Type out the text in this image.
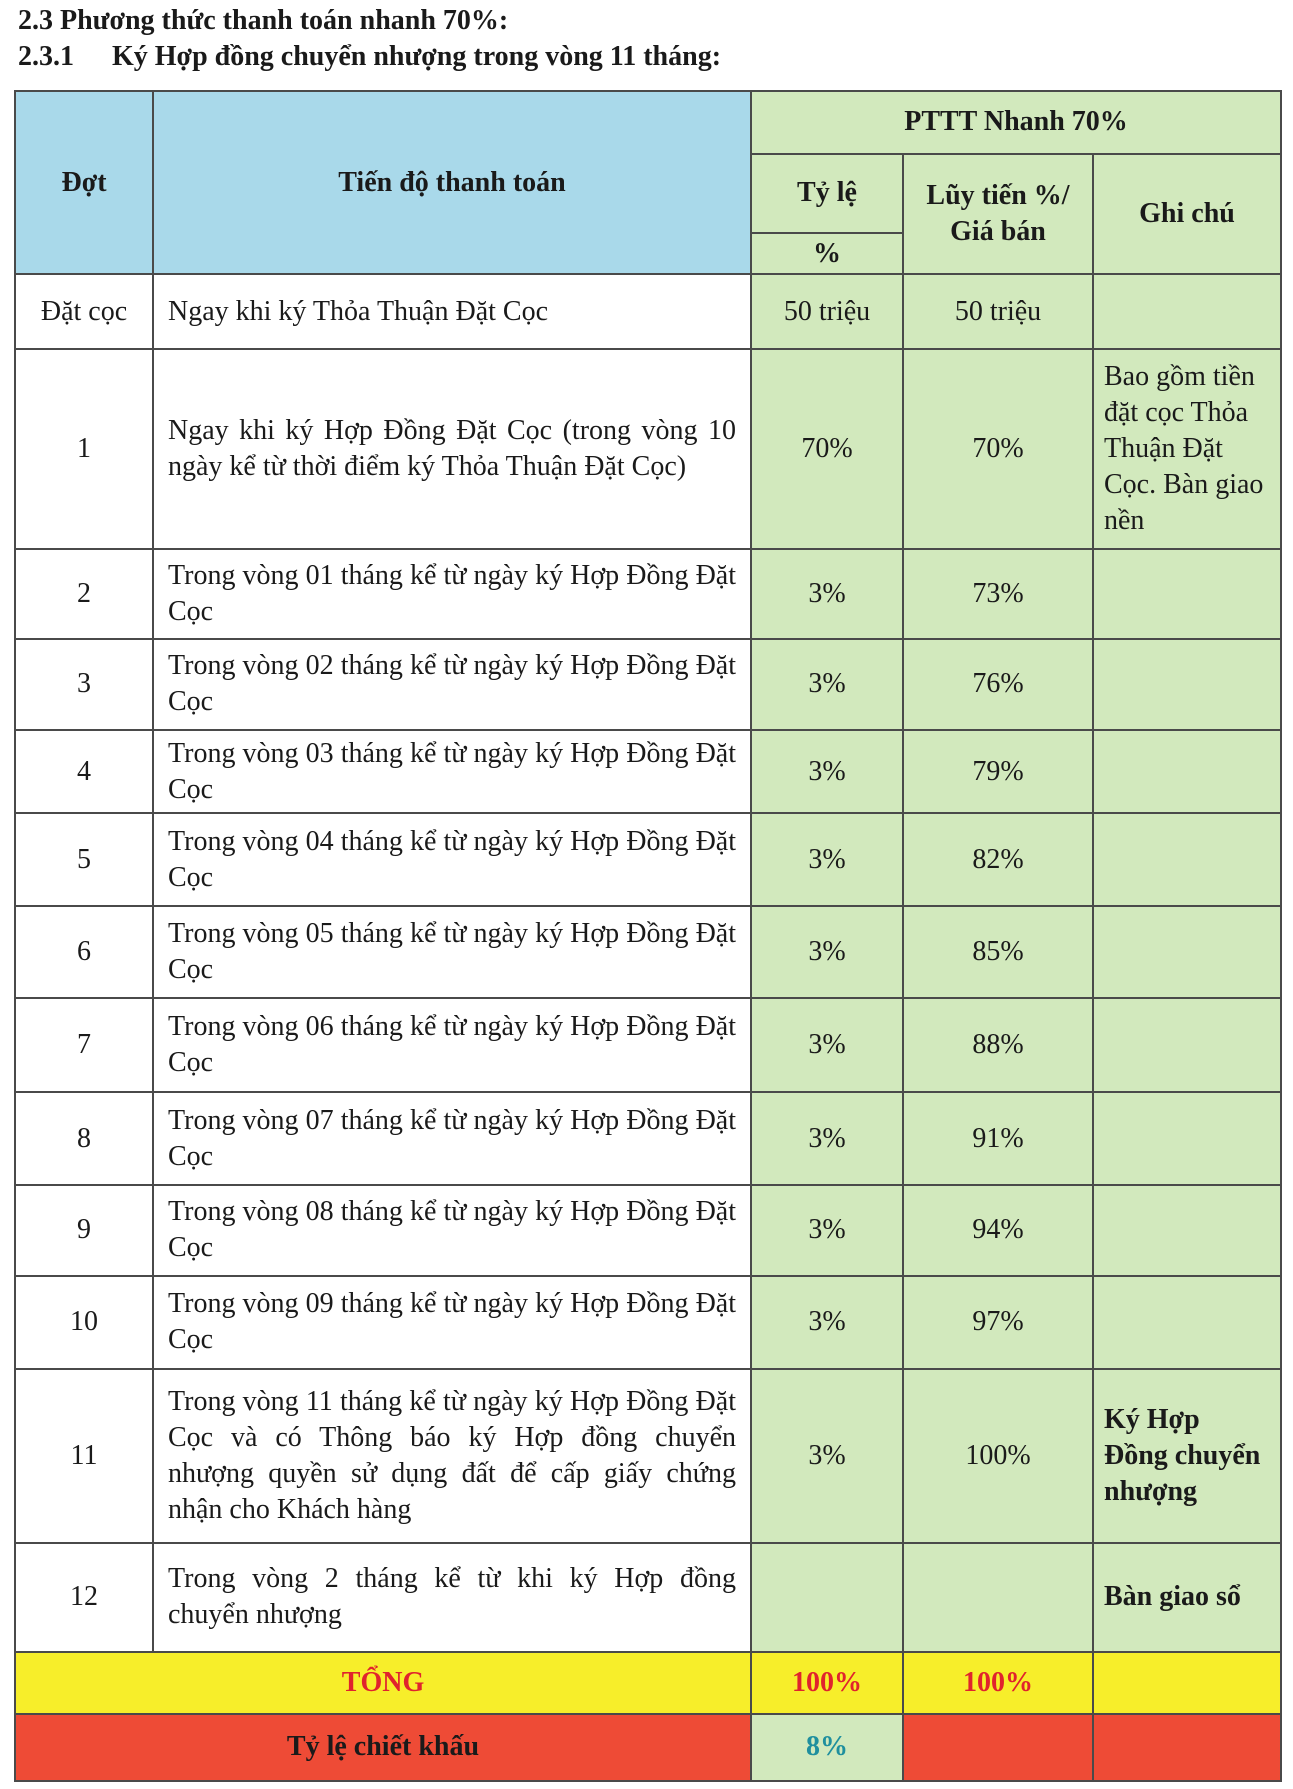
2.3 Phương thức thanh toán nhanh 70%:

2.3.1 Ký Hợp đồng chuyển nhượng trong vòng 11 tháng:

Đợt	Tiến độ thanh toán	PTTT Nhanh 70%		
		Tỷ lệ	Lũy tiến %/ Giá bán	Ghi chú
		%		
Đặt cọc	Ngay khi ký Thỏa Thuận Đặt Cọc	50 triệu	50 triệu	
1	Ngay khi ký Hợp Đồng Đặt Cọc (trong vòng 10 ngày kể từ thời điểm ký Thỏa Thuận Đặt Cọc)	70%	70%	Bao gồm tiền đặt cọc Thỏa Thuận Đặt Cọc. Bàn giao nền
2	Trong vòng 01 tháng kể từ ngày ký Hợp Đồng Đặt Cọc	3%	73%	
3	Trong vòng 02 tháng kể từ ngày ký Hợp Đồng Đặt Cọc	3%	76%	
4	Trong vòng 03 tháng kể từ ngày ký Hợp Đồng Đặt Cọc	3%	79%	
5	Trong vòng 04 tháng kể từ ngày ký Hợp Đồng Đặt Cọc	3%	82%	
6	Trong vòng 05 tháng kể từ ngày ký Hợp Đồng Đặt Cọc	3%	85%	
7	Trong vòng 06 tháng kể từ ngày ký Hợp Đồng Đặt Cọc	3%	88%	
8	Trong vòng 07 tháng kể từ ngày ký Hợp Đồng Đặt Cọc	3%	91%	
9	Trong vòng 08 tháng kể từ ngày ký Hợp Đồng Đặt Cọc	3%	94%	
10	Trong vòng 09 tháng kể từ ngày ký Hợp Đồng Đặt Cọc	3%	97%	
11	Trong vòng 11 tháng kể từ ngày ký Hợp Đồng Đặt Cọc và có Thông báo ký Hợp đồng chuyển nhượng quyền sử dụng đất để cấp giấy chứng nhận cho Khách hàng	3%	100%	Ký Hợp Đồng chuyển nhượng
12	Trong vòng 2 tháng kể từ khi ký Hợp đồng chuyển nhượng			Bàn giao sổ
TỔNG		100%	100%	
Tỷ lệ chiết khấu		8%		
